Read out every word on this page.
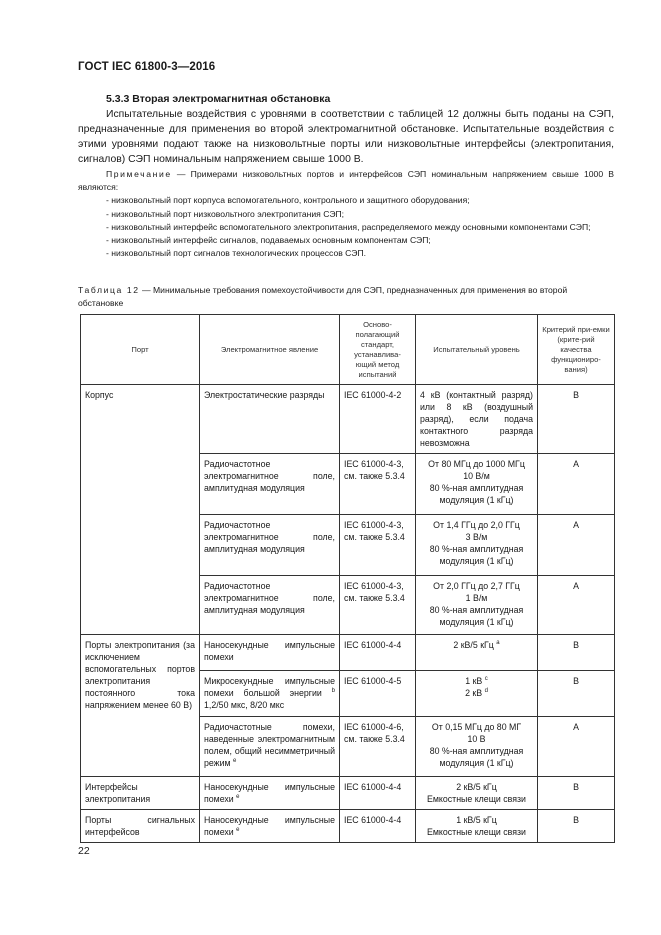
ГОСТ IEC 61800-3—2016
5.3.3 Вторая электромагнитная обстановка

Испытательные воздействия с уровнями в соответствии с таблицей 12 должны быть поданы на СЭП, предназначенные для применения во второй электромагнитной обстановке. Испытательные воздействия с этими уровнями подают также на низковольтные порты или низковольтные интерфейсы (электропитания, сигналов) СЭП номинальным напряжением свыше 1000 В.

Примечание — Примерами низковольтных портов и интерфейсов СЭП номинальным напряжением свыше 1000 В являются:

- низковольтный порт корпуса вспомогательного, контрольного и защитного оборудования;
- низковольтный порт низковольтного электропитания СЭП;
- низковольтный интерфейс вспомогательного электропитания, распределяемого между основными компонентами СЭП;
- низковольтный интерфейс сигналов, подаваемых основным компонентам СЭП;
- низковольтный порт сигналов технологических процессов СЭП.
Таблица 12 — Минимальные требования помехоустойчивости для СЭП, предназначенных для применения во второй обстановке
Порт	Электромагнитное явление	Осново-полагающий стандарт, устанавлива-ющий метод испытаний	Испытательный уровень	Критерий при-емки (крите-рий качества функциониро-вания)
Корпус	Электростатические разряды	IEC 61000-4-2	4 кВ (контактный разряд) или 8 кВ (воздушный разряд), если подача контактного разряда невозможна	B
	Радиочастотное электромагнитное поле, амплитудная модуляция	IEC 61000-4-3, см. также 5.3.4	От 80 МГц до 1000 МГц
10 В/м
80 %-ная амплитудная модуляция (1 кГц)	A
	Радиочастотное электромагнитное поле, амплитудная модуляция	IEC 61000-4-3, см. также 5.3.4	От 1,4 ГГц до 2,0 ГГц
3 В/м
80 %-ная амплитудная модуляция (1 кГц)	A
	Радиочастотное электромагнитное поле, амплитудная модуляция	IEC 61000-4-3, см. также 5.3.4	От 2,0 ГГц до 2,7 ГГц
1 В/м
80 %-ная амплитудная модуляция (1 кГц)	A
Порты электропитания (за исключением вспомогательных портов электропитания постоянного тока напряжением менее 60 В)	Наносекундные импульсные помехи	IEC 61000-4-4	2 кВ/5 кГц $^a$	B
	Микросекундные импульсные помехи большой энергии $^b$ 1,2/50 мкс, 8/20 мкс	IEC 61000-4-5	1 кВ $^c$
2 кВ $^d$	B
	Радиочастотные помехи, наведенные электромагнитным полем, общий несимметричный режим $^e$	IEC 61000-4-6, см. также 5.3.4	От 0,15 МГц до 80 МГ
10 В
80 %-ная амплитудная модуляция (1 кГц)	A
Интерфейсы электропитания	Наносекундные импульсные помехи $^e$	IEC 61000-4-4	2 кВ/5 кГц
Емкостные клещи связи	B
Порты сигнальных интерфейсов	Наносекундные импульсные помехи $^e$	IEC 61000-4-4	1 кВ/5 кГц
Емкостные клещи связи	B
22
